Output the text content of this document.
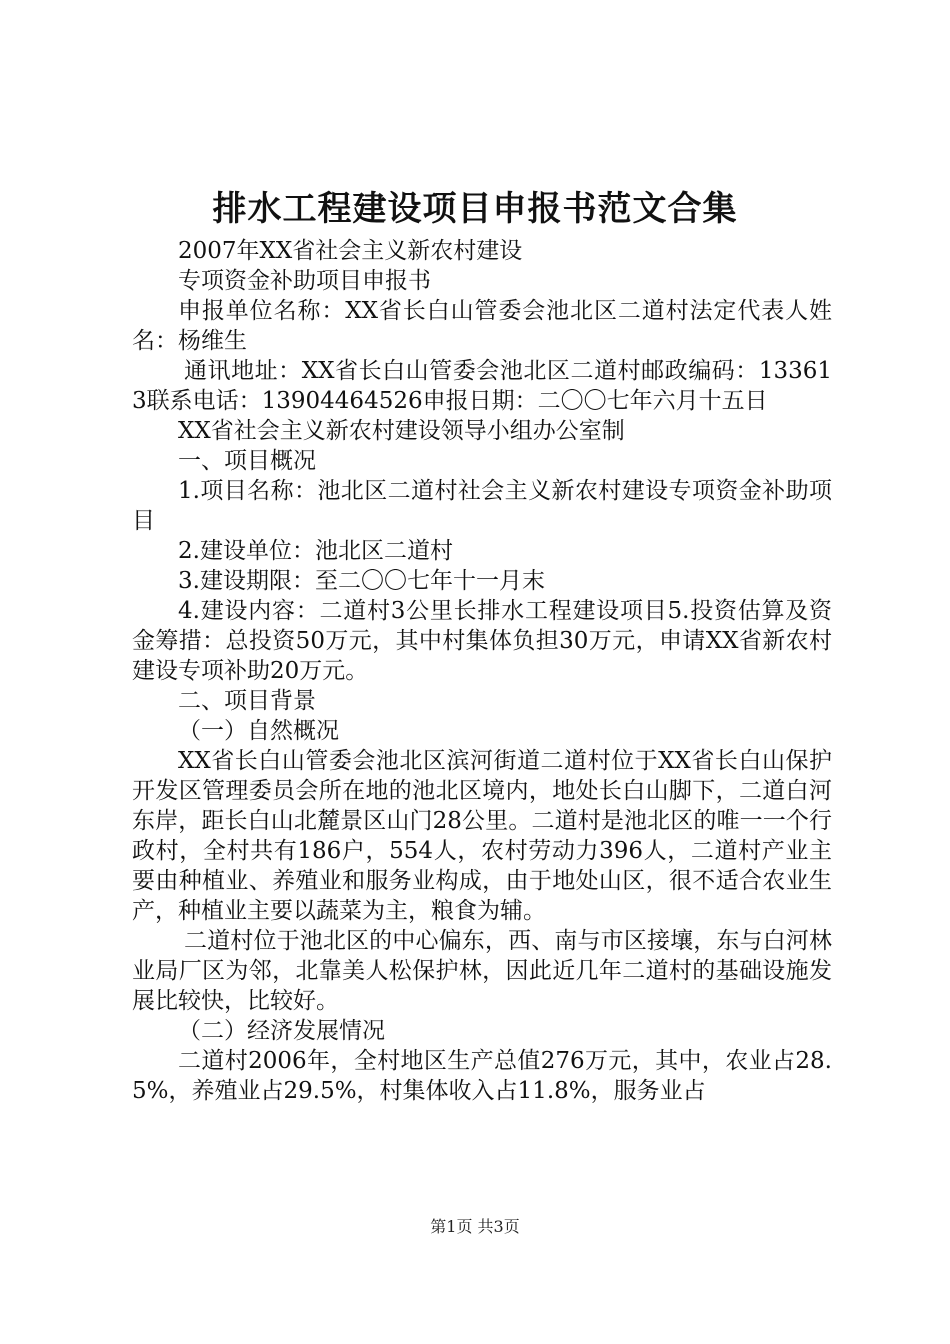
排水工程建设项目申报书范文合集

2007年XX省社会主义新农村建设

专项资金补助项目申报书

申报单位名称：XX省长白山管委会池北区二道村法定代表人姓名：杨维生

通讯地址：XX省长白山管委会池北区二道村邮政编码：133613联系电话：13904464526申报日期：二〇〇七年六月十五日

XX省社会主义新农村建设领导小组办公室制

一、项目概况

1.项目名称：池北区二道村社会主义新农村建设专项资金补助项目

2.建设单位：池北区二道村

3.建设期限：至二〇〇七年十一月末

4.建设内容：二道村3公里长排水工程建设项目5.投资估算及资金筹措：总投资50万元，其中村集体负担30万元，申请XX省新农村建设专项补助20万元。

二、项目背景

（一）自然概况

XX省长白山管委会池北区滨河街道二道村位于XX省长白山保护开发区管理委员会所在地的池北区境内，地处长白山脚下，二道白河东岸，距长白山北麓景区山门28公里。二道村是池北区的唯一一个行政村，全村共有186户，554人，农村劳动力396人，二道村产业主要由种植业、养殖业和服务业构成，由于地处山区，很不适合农业生产，种植业主要以蔬菜为主，粮食为辅。

二道村位于池北区的中心偏东，西、南与市区接壤，东与白河林业局厂区为邻，北靠美人松保护林，因此近几年二道村的基础设施发展比较快，比较好。

（二）经济发展情况

二道村2006年，全村地区生产总值276万元，其中，农业占28.5%，养殖业占29.5%，村集体收入占11.8%，服务业占

第1页 共3页
